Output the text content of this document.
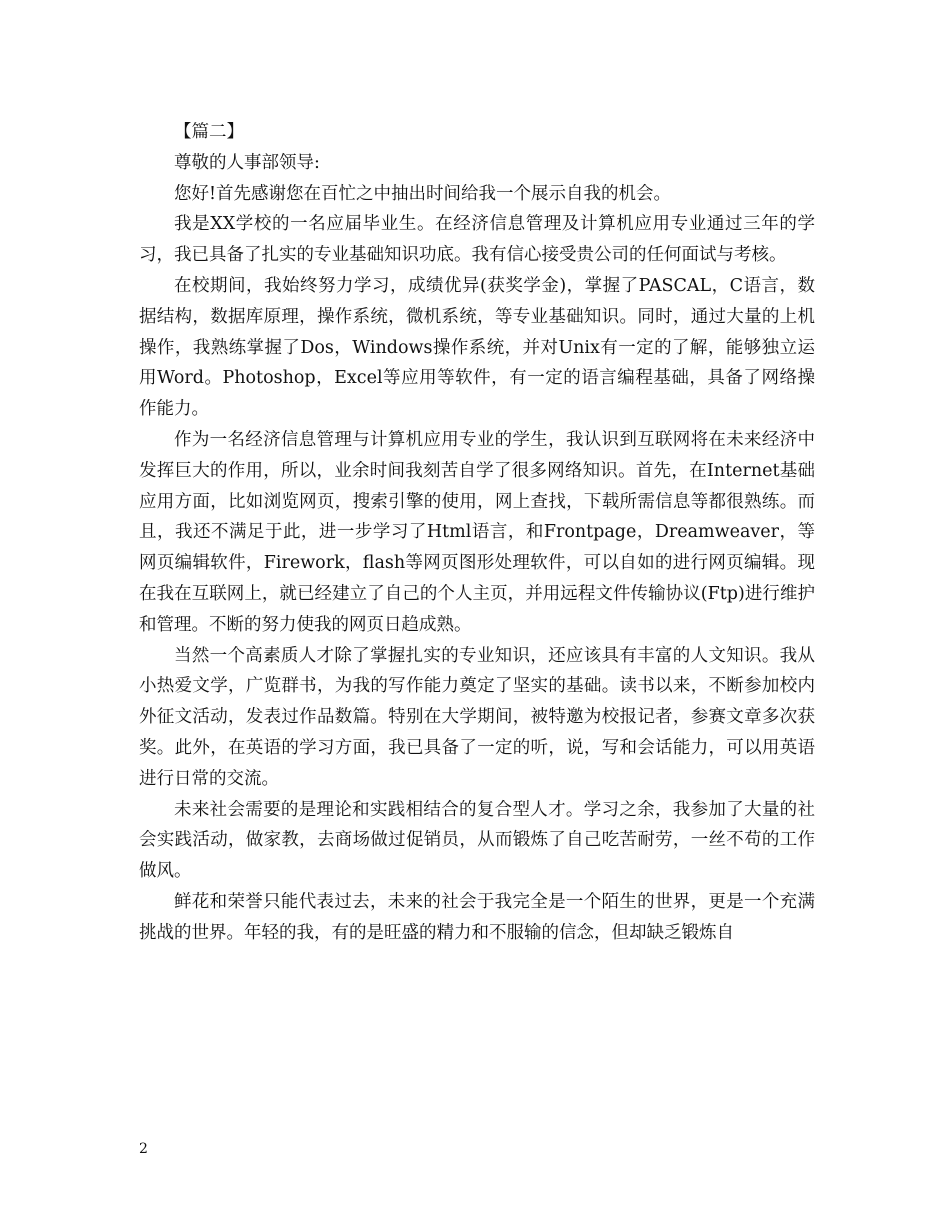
【篇二】

尊敬的人事部领导:

您好!首先感谢您在百忙之中抽出时间给我一个展示自我的机会。

我是XX学校的一名应届毕业生。在经济信息管理及计算机应用专业通过三年的学习，我已具备了扎实的专业基础知识功底。我有信心接受贵公司的任何面试与考核。

在校期间，我始终努力学习，成绩优异(获奖学金)，掌握了PASCAL，C语言，数据结构，数据库原理，操作系统，微机系统，等专业基础知识。同时，通过大量的上机操作，我熟练掌握了Dos，Windows操作系统，并对Unix有一定的了解，能够独立运用Word。Photoshop，Excel等应用等软件，有一定的语言编程基础，具备了网络操作能力。

作为一名经济信息管理与计算机应用专业的学生，我认识到互联网将在未来经济中发挥巨大的作用，所以，业余时间我刻苦自学了很多网络知识。首先，在Internet基础应用方面，比如浏览网页，搜索引擎的使用，网上查找，下载所需信息等都很熟练。而且，我还不满足于此，进一步学习了Html语言，和Frontpage，Dreamweaver，等网页编辑软件，Firework，flash等网页图形处理软件，可以自如的进行网页编辑。现在我在互联网上，就已经建立了自己的个人主页，并用远程文件传输协议(Ftp)进行维护和管理。不断的努力使我的网页日趋成熟。

当然一个高素质人才除了掌握扎实的专业知识，还应该具有丰富的人文知识。我从小热爱文学，广览群书，为我的写作能力奠定了坚实的基础。读书以来，不断参加校内外征文活动，发表过作品数篇。特别在大学期间，被特邀为校报记者，参赛文章多次获奖。此外，在英语的学习方面，我已具备了一定的听，说，写和会话能力，可以用英语进行日常的交流。

未来社会需要的是理论和实践相结合的复合型人才。学习之余，我参加了大量的社会实践活动，做家教，去商场做过促销员，从而锻炼了自己吃苦耐劳，一丝不苟的工作做风。

鲜花和荣誉只能代表过去，未来的社会于我完全是一个陌生的世界，更是一个充满挑战的世界。年轻的我，有的是旺盛的精力和不服输的信念，但却缺乏锻炼自

2
